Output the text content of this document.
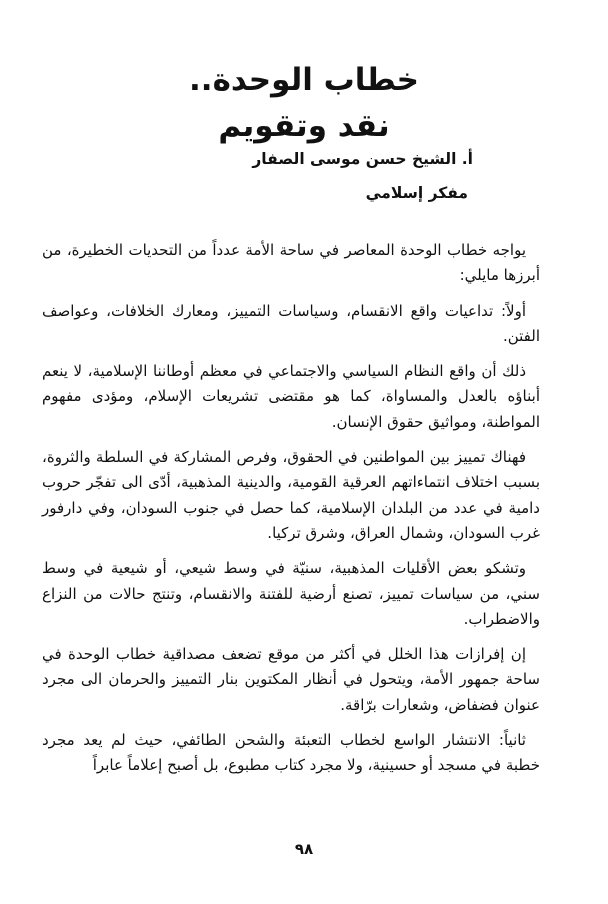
خطاب الوحدة..
نقد وتقويم
أ. الشيخ حسن موسى الصفار
مفكر إسلامي

يواجه خطاب الوحدة المعاصر في ساحة الأمة عدداً من التحديات الخطيرة، من أبرزها مايلي:

أولاً: تداعيات واقع الانقسام، وسياسات التمييز، ومعارك الخلافات، وعواصف الفتن.

ذلك أن واقع النظام السياسي والاجتماعي في معظم أوطاننا الإسلامية، لا ينعم أبناؤه بالعدل والمساواة، كما هو مقتضى تشريعات الإسلام، ومؤدى مفهوم المواطنة، ومواثيق حقوق الإنسان.

فهناك تمييز بين المواطنين في الحقوق، وفرص المشاركة في السلطة والثروة، بسبب اختلاف انتماءاتهم العرقية القومية، والدينية المذهبية، أدّى الى تفجّر حروب دامية في عدد من البلدان الإسلامية، كما حصل في جنوب السودان، وفي دارفور غرب السودان، وشمال العراق، وشرق تركيا.

وتشكو بعض الأقليات المذهبية، سنيّة في وسط شيعي، أو شيعية في وسط سني، من سياسات تمييز، تصنع أرضية للفتنة والانقسام، وتنتج حالات من النزاع والاضطراب.

إن إفرازات هذا الخلل في أكثر من موقع تضعف مصداقية خطاب الوحدة في ساحة جمهور الأمة، ويتحول في أنظار المكتوين بنار التمييز والحرمان الى مجرد عنوان فضفاض، وشعارات برّاقة.

ثانياً: الانتشار الواسع لخطاب التعبئة والشحن الطائفي، حيث لم يعد مجرد خطبة في مسجد أو حسينية، ولا مجرد كتاب مطبوع، بل أصبح إعلاماً عابراً

٩٨
